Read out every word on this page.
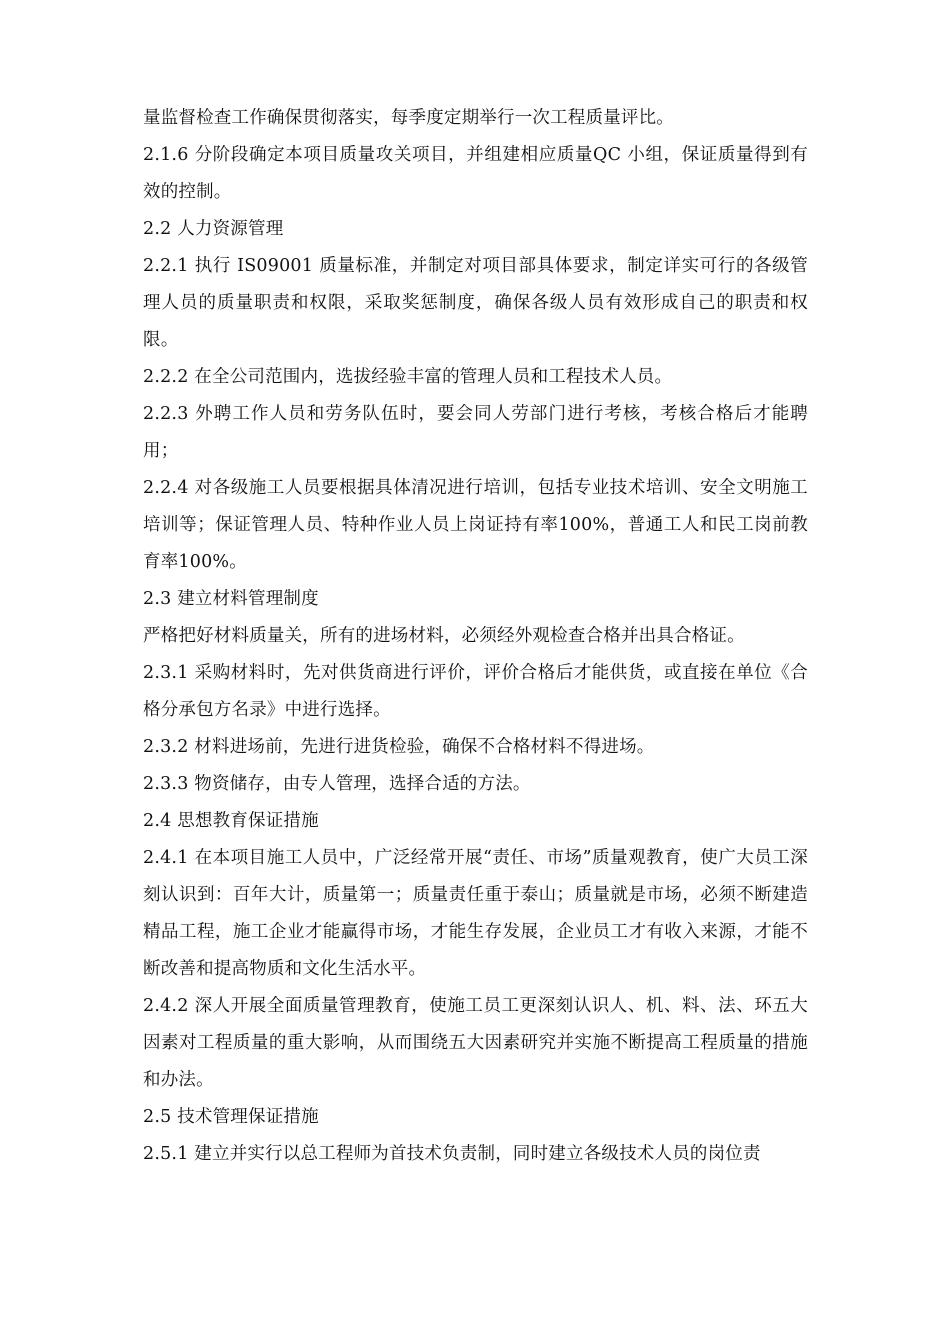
量监督检查工作确保贯彻落实，每季度定期举行一次工程质量评比。

2.1.6 分阶段确定本项目质量攻关项目，并组建相应质量QC 小组，保证质量得到有效的控制。

2.2 人力资源管理

2.2.1 执行 IS09001 质量标准，并制定对项目部具体要求，制定详实可行的各级管理人员的质量职责和权限，采取奖惩制度，确保各级人员有效形成自己的职责和权限。

2.2.2 在全公司范围内，选拔经验丰富的管理人员和工程技术人员。

2.2.3 外聘工作人员和劳务队伍时，要会同人劳部门进行考核，考核合格后才能聘用；

2.2.4 对各级施工人员要根据具体清况进行培训，包括专业技术培训、安全文明施工培训等；保证管理人员、特种作业人员上岗证持有率100%，普通工人和民工岗前教育率100%。

2.3 建立材料管理制度

严格把好材料质量关，所有的进场材料，必须经外观检查合格并出具合格证。

2.3.1 采购材料时，先对供货商进行评价，评价合格后才能供货，或直接在单位《合格分承包方名录》中进行选择。

2.3.2 材料进场前，先进行进货检验，确保不合格材料不得进场。

2.3.3 物资储存，由专人管理，选择合适的方法。

2.4 思想教育保证措施

2.4.1 在本项目施工人员中，广泛经常开展“责任、市场”质量观教育，使广大员工深刻认识到：百年大计，质量第一；质量责任重于泰山；质量就是市场，必须不断建造精品工程，施工企业才能赢得市场，才能生存发展，企业员工才有收入来源，才能不断改善和提高物质和文化生活水平。

2.4.2 深人开展全面质量管理教育，使施工员工更深刻认识人、机、料、法、环五大因素对工程质量的重大影响，从而围绕五大因素研究并实施不断提高工程质量的措施和办法。

2.5 技术管理保证措施

2.5.1 建立并实行以总工程师为首技术负责制，同时建立各级技术人员的岗位责
